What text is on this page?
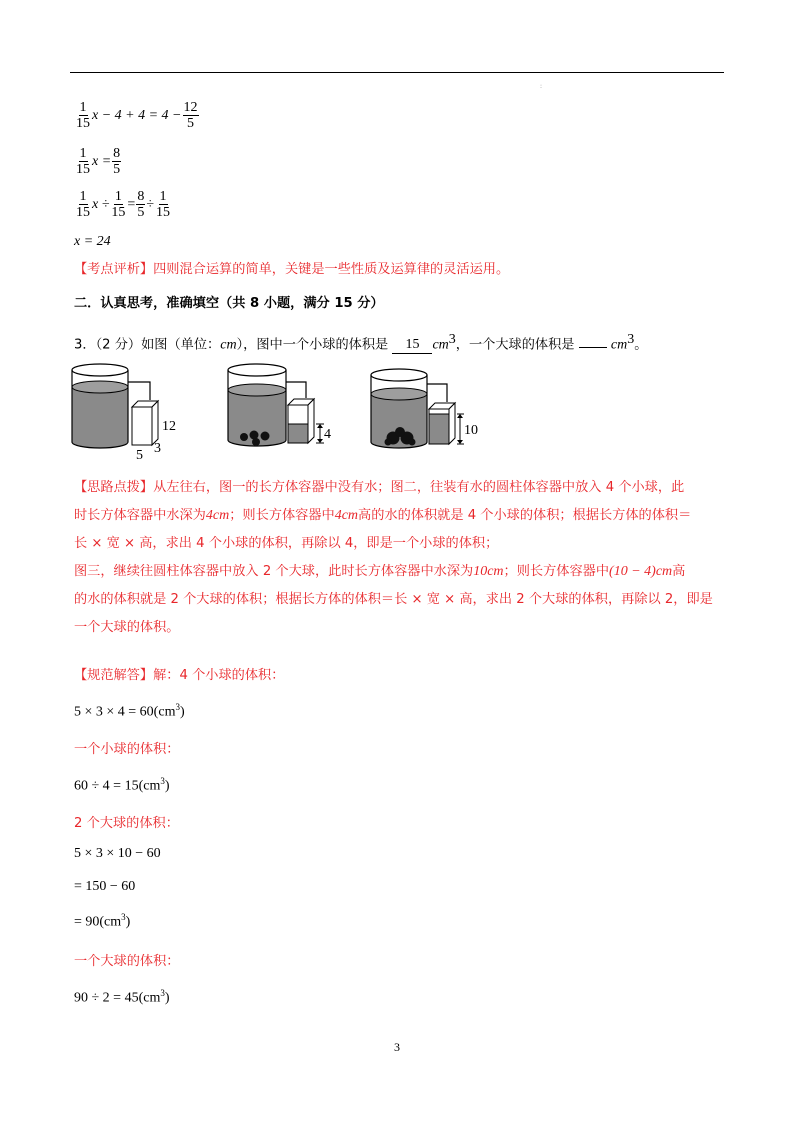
:
$\frac{1}{15}$ $x - 4 + 4 = 4 - \frac{12}{5}$
$\frac{1}{15}$ $x = \frac{8}{5}$
$\frac{1}{15}$ $x \div \frac{1}{15} = \frac{8}{5} \div \frac{1}{15}$
x = 24
【考点评析】四则混合运算的简单，关键是一些性质及运算律的灵活运用。
二．认真思考，准确填空（共 8 小题，满分 15 分）
3．（2 分）如图（单位：cm），图中一个小球的体积是 15 $cm^3$，一个大球的体积是	$cm^3$。
12
5 3
4	10
【思路点拨】从左往右，图一的长方体容器中没有水；图二，往装有水的圆柱体容器中放入 4 个小球，此
时长方体容器中水深为4cm；则长方体容器中4cm高的水的体积就是 4 个小球的体积；根据长方体的体积＝
长 × 宽 × 高，求出 4 个小球的体积，再除以 4，即是一个小球的体积；
图三，继续往圆柱体容器中放入 2 个大球，此时长方体容器中水深为10cm；则长方体容器中(10 − 4)cm高
的水的体积就是 2 个大球的体积；根据长方体的体积＝长 × 宽 × 高，求出 2 个大球的体积，再除以 2，即是
一个大球的体积。
【规范解答】解：4 个小球的体积：
$5 \times 3 \times 4 = 60(cm^3)$
一个小球的体积：
$60 \div 4 = 15(cm^3)$
2 个大球的体积：
5 × 3 × 10 − 60
= 150 − 60
= $90(cm^3)$
一个大球的体积：
$90 \div 2 = 45(cm^3)$
3
